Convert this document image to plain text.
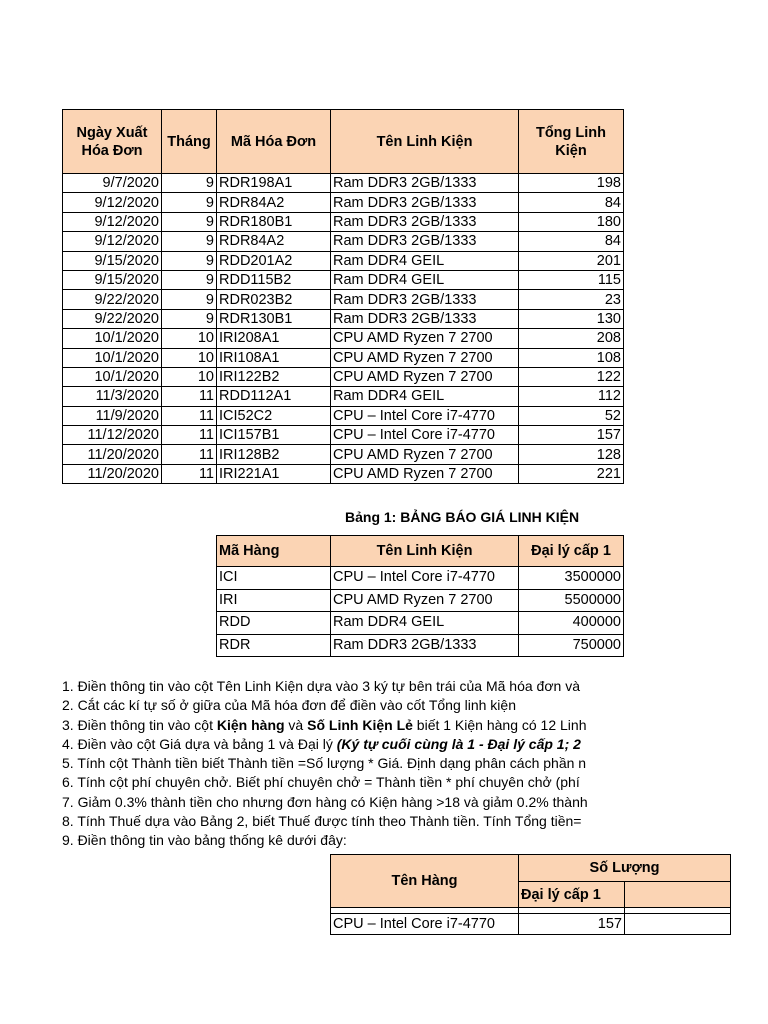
Ngày Xuất Hóa Đơn	Tháng	Mã Hóa Đơn	Tên Linh Kiện	Tổng Linh Kiện
9/7/2020	9	RDR198A1	Ram DDR3 2GB/1333	198
9/12/2020	9	RDR84A2	Ram DDR3 2GB/1333	84
9/12/2020	9	RDR180B1	Ram DDR3 2GB/1333	180
9/12/2020	9	RDR84A2	Ram DDR3 2GB/1333	84
9/15/2020	9	RDD201A2	Ram DDR4 GEIL	201
9/15/2020	9	RDD115B2	Ram DDR4 GEIL	115
9/22/2020	9	RDR023B2	Ram DDR3 2GB/1333	23
9/22/2020	9	RDR130B1	Ram DDR3 2GB/1333	130
10/1/2020	10	IRI208A1	CPU AMD Ryzen 7 2700	208
10/1/2020	10	IRI108A1	CPU AMD Ryzen 7 2700	108
10/1/2020	10	IRI122B2	CPU AMD Ryzen 7 2700	122
11/3/2020	11	RDD112A1	Ram DDR4 GEIL	112
11/9/2020	11	ICI52C2	CPU – Intel Core i7-4770	52
11/12/2020	11	ICI157B1	CPU – Intel Core i7-4770	157
11/20/2020	11	IRI128B2	CPU AMD Ryzen 7 2700	128
11/20/2020	11	IRI221A1	CPU AMD Ryzen 7 2700	221
Bảng 1: BẢNG BÁO GIÁ LINH KIỆN
Mã Hàng	Tên Linh Kiện	Đại lý cấp 1
ICI	CPU – Intel Core i7-4770	3500000
IRI	CPU AMD Ryzen 7 2700	5500000
RDD	Ram DDR4 GEIL	400000
RDR	Ram DDR3 2GB/1333	750000
1. Điền thông tin vào cột Tên Linh Kiện dựa vào 3 ký tự bên trái của Mã hóa đơn và
2. Cắt các kí tự số ở giữa của Mã hóa đơn để điền vào cốt Tổng linh kiện
3. Điền thông tin vào cột Kiện hàng và Số Linh Kiện Lẻ biết 1 Kiện hàng có 12 Linh
4. Điền vào cột Giá dựa và bảng 1 và Đại lý (Ký tự cuối cùng là 1 - Đại lý cấp 1; 2
5. Tính cột Thành tiền biết Thành tiền =Số lượng * Giá. Định dạng phân cách phần n
6. Tính cột phí chuyên chở. Biết phí chuyên chở = Thành tiền * phí chuyên chở (phí
7. Giảm 0.3% thành tiền cho nhưng đơn hàng có Kiện hàng >18 và giảm 0.2% thành
8. Tính Thuế dựa vào Bảng 2, biết Thuế được tính theo Thành tiền. Tính Tổng tiền=
9. Điền thông tin vào bảng thống kê dưới đây:
Tên Hàng	Số Lượng	
	Đại lý cấp 1	

CPU – Intel Core i7-4770	157	
